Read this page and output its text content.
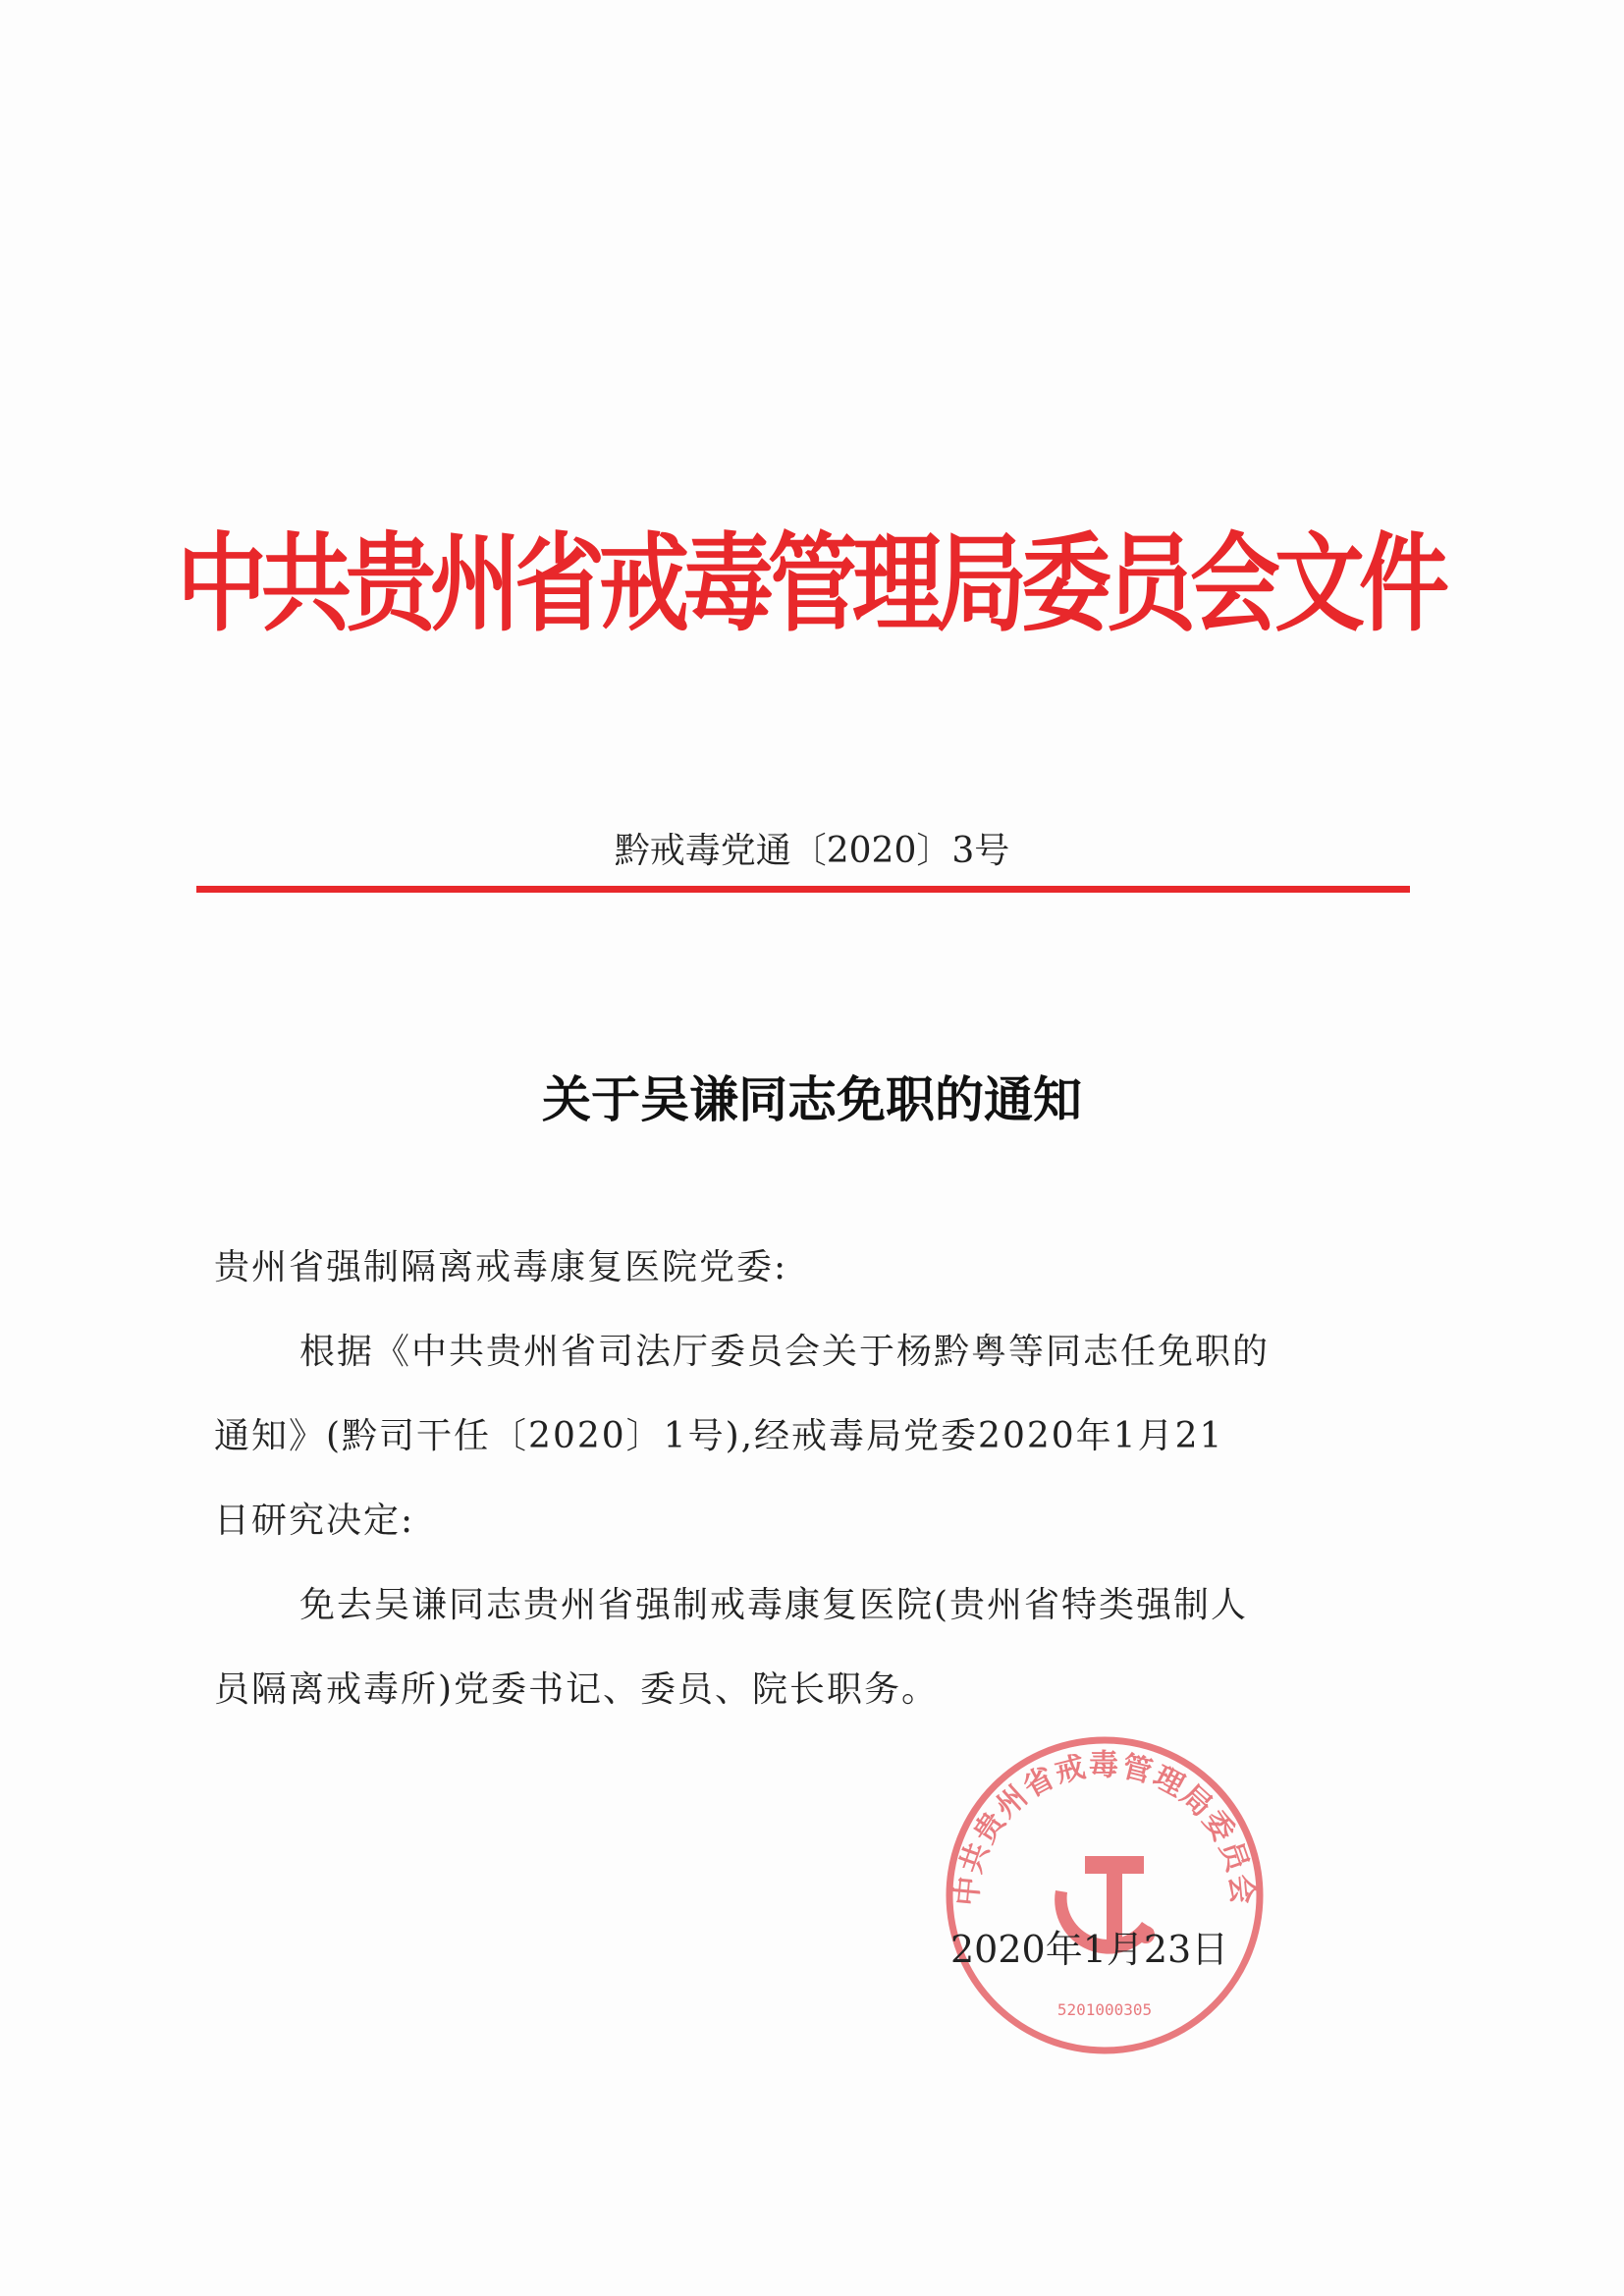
中共贵州省戒毒管理局委员会文件
黔戒毒党通〔2020〕3号
关于吴谦同志免职的通知
贵州省强制隔离戒毒康复医院党委:
根据《中共贵州省司法厅委员会关于杨黔粤等同志任免职的
通知》(黔司干任〔2020〕1号),经戒毒局党委2020年1月21
日研究决定:
免去吴谦同志贵州省强制戒毒康复医院(贵州省特类强制人
员隔离戒毒所)党委书记、委员、院长职务。
中共贵州省戒毒管理局委员会
5201000305
2020年1月23日
